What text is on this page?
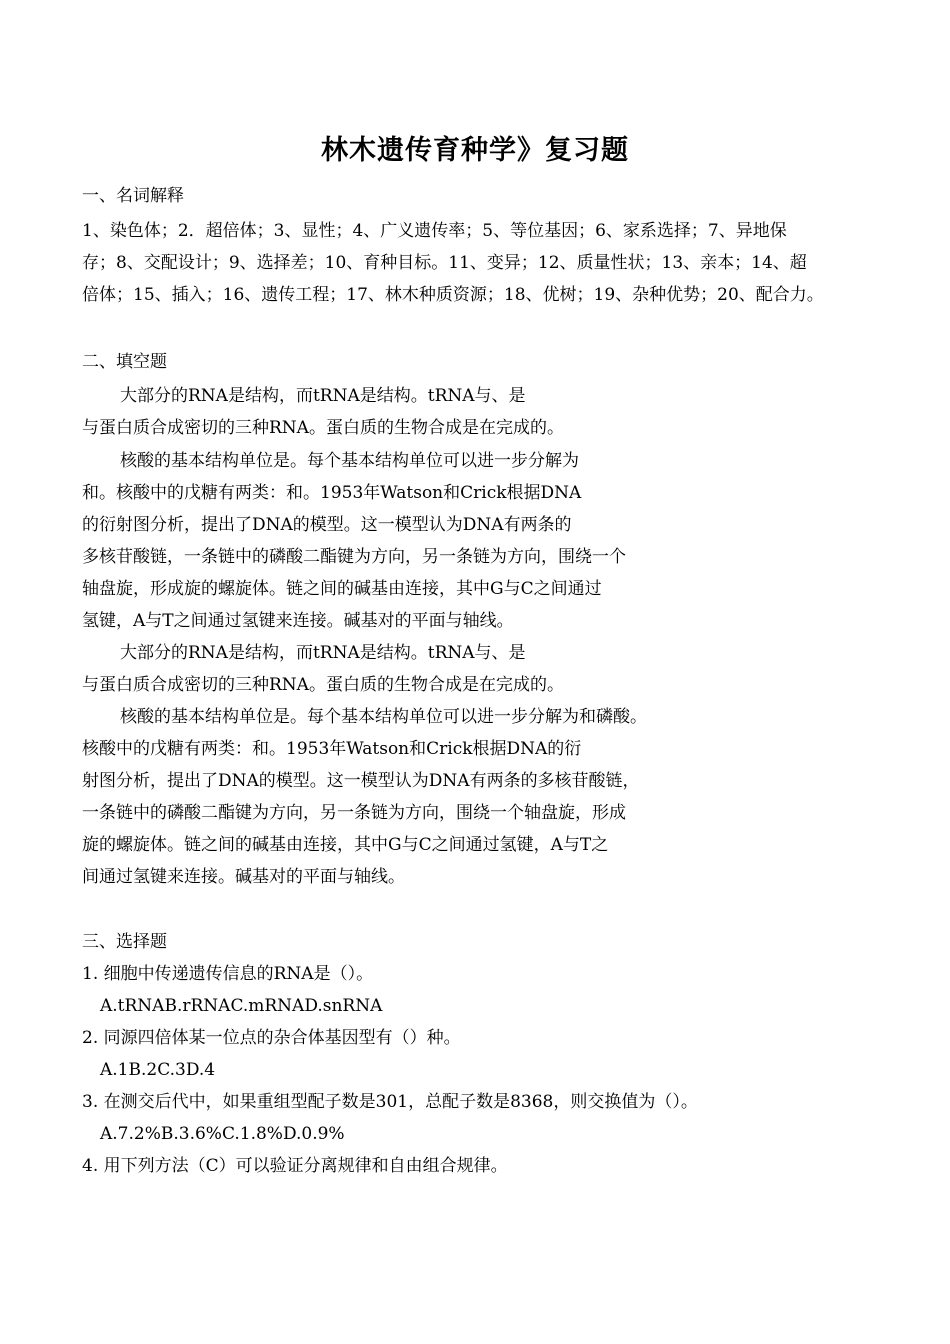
林木遗传育种学》复习题

一、名词解释

1、染色体；2．超倍体；3、显性；4、广义遗传率；5、等位基因；6、家系选择；7、异地保

存；8、交配设计；9、选择差；10、育种目标。11、变异；12、质量性状；13、亲本；14、超

倍体；15、插入；16、遗传工程；17、林木种质资源；18、优树；19、杂种优势；20、配合力。

二、填空题

大部分的RNA是结构，而tRNA是结构。tRNA与、是

与蛋白质合成密切的三种RNA。蛋白质的生物合成是在完成的。

核酸的基本结构单位是。每个基本结构单位可以进一步分解为

和。核酸中的戊糖有两类：和。1953年Watson和Crick根据DNA

的衍射图分析，提出了DNA的模型。这一模型认为DNA有两条的

多核苷酸链，一条链中的磷酸二酯键为方向，另一条链为方向，围绕一个

轴盘旋，形成旋的螺旋体。链之间的碱基由连接，其中G与C之间通过

氢键，A与T之间通过氢键来连接。碱基对的平面与轴线。

大部分的RNA是结构，而tRNA是结构。tRNA与、是

与蛋白质合成密切的三种RNA。蛋白质的生物合成是在完成的。

核酸的基本结构单位是。每个基本结构单位可以进一步分解为和磷酸。

核酸中的戊糖有两类：和。1953年Watson和Crick根据DNA的衍

射图分析，提出了DNA的模型。这一模型认为DNA有两条的多核苷酸链，

一条链中的磷酸二酯键为方向，另一条链为方向，围绕一个轴盘旋，形成

旋的螺旋体。链之间的碱基由连接，其中G与C之间通过氢键，A与T之

间通过氢键来连接。碱基对的平面与轴线。

三、选择题

1. 细胞中传递遗传信息的RNA是（）。

A.tRNAB.rRNAC.mRNAD.snRNA

2. 同源四倍体某一位点的杂合体基因型有（）种。

A.1B.2C.3D.4

3. 在测交后代中，如果重组型配子数是301，总配子数是8368，则交换值为（）。

A.7.2%B.3.6%C.1.8%D.0.9%

4. 用下列方法（C）可以验证分离规律和自由组合规律。
